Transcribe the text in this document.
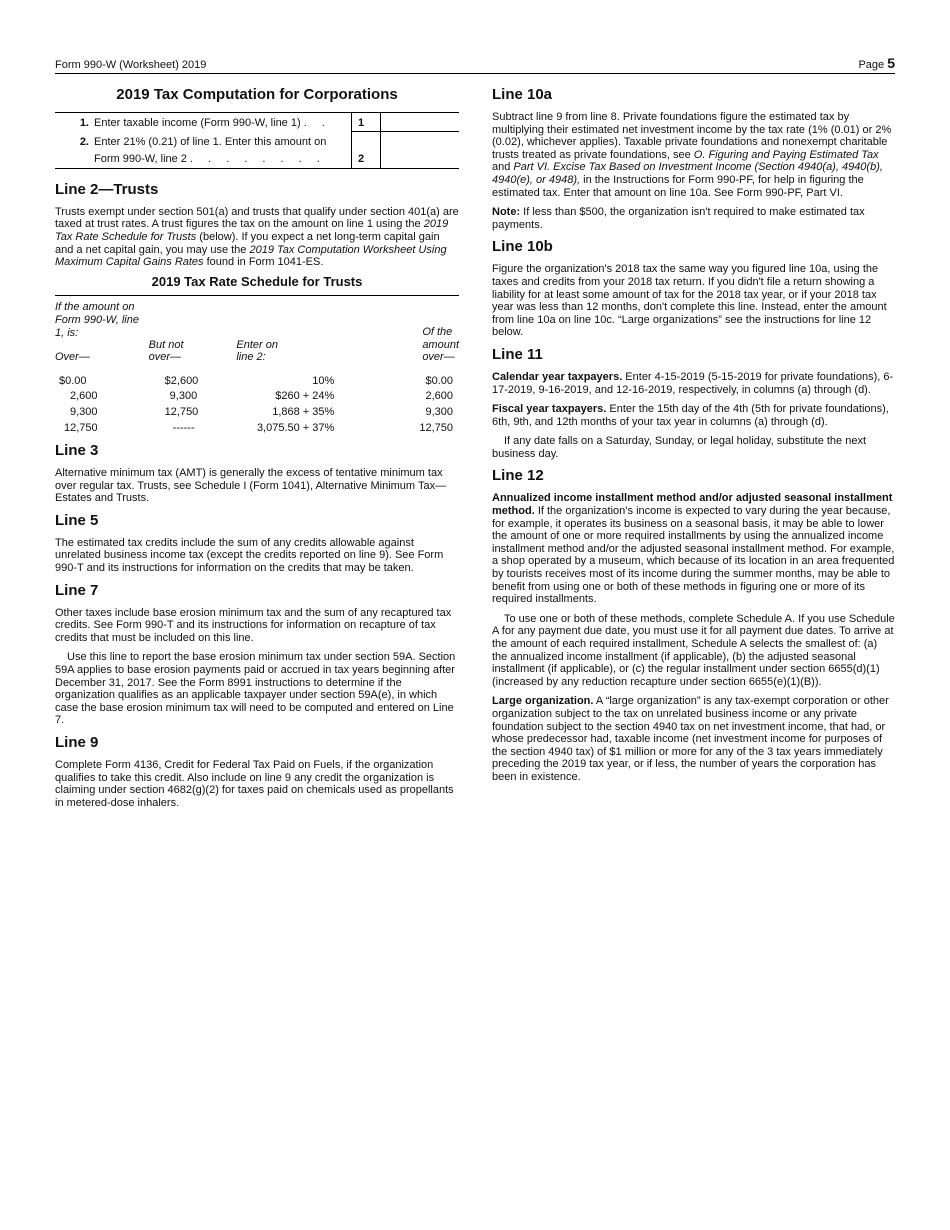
Form 990-W (Worksheet) 2019	Page 5
2019 Tax Computation for Corporations
1.	Enter taxable income (Form 990-W, line 1) . .	1	
2.	Enter 21% (0.21) of line 1. Enter this amount on
Form 990-W, line 2 . . . . . . . .	2	
Line 2—Trusts

Trusts exempt under section 501(a) and trusts that qualify under section 401(a) are taxed at trust rates. A trust figures the tax on the amount on line 1 using the 2019 Tax Rate Schedule for Trusts (below). If you expect a net long-term capital gain and a net capital gain, you may use the 2019 Tax Computation Worksheet Using Maximum Capital Gains Rates found in Form 1041-ES.

2019 Tax Rate Schedule for Trusts
If the amount on Form 990-W, line 1, is:
Over—	But not over—	Enter on line 2:	Of the amount over—
$0.00	$2,600	10%	$0.00
2,600	9,300	$260 + 24%	2,600
9,300	12,750	1,868 + 35%	9,300
12,750	------	3,075.50 + 37%	12,750
Line 3

Alternative minimum tax (AMT) is generally the excess of tentative minimum tax over regular tax. Trusts, see Schedule I (Form 1041), Alternative Minimum Tax—Estates and Trusts.

Line 5

The estimated tax credits include the sum of any credits allowable against unrelated business income tax (except the credits reported on line 9). See Form 990-T and its instructions for information on the credits that may be taken.

Line 7

Other taxes include base erosion minimum tax and the sum of any recaptured tax credits. See Form 990-T and its instructions for information on recapture of tax credits that must be included on this line.

Use this line to report the base erosion minimum tax under section 59A. Section 59A applies to base erosion payments paid or accrued in tax years beginning after December 31, 2017. See the Form 8991 instructions to determine if the organization qualifies as an applicable taxpayer under section 59A(e), in which case the base erosion minimum tax will need to be computed and entered on Line 7.

Line 9

Complete Form 4136, Credit for Federal Tax Paid on Fuels, if the organization qualifies to take this credit. Also include on line 9 any credit the organization is claiming under section 4682(g)(2) for taxes paid on chemicals used as propellants in metered-dose inhalers.

Line 10a

Subtract line 9 from line 8. Private foundations figure the estimated tax by multiplying their estimated net investment income by the tax rate (1% (0.01) or 2% (0.02), whichever applies). Taxable private foundations and nonexempt charitable trusts treated as private foundations, see O. Figuring and Paying Estimated Tax and Part VI. Excise Tax Based on Investment Income (Section 4940(a), 4940(b), 4940(e), or 4948), in the Instructions for Form 990-PF, for help in figuring the estimated tax. Enter that amount on line 10a. See Form 990-PF, Part VI.

Note: If less than $500, the organization isn't required to make estimated tax payments.

Line 10b

Figure the organization's 2018 tax the same way you figured line 10a, using the taxes and credits from your 2018 tax return. If you didn't file a return showing a liability for at least some amount of tax for the 2018 tax year, or if your 2018 tax year was less than 12 months, don't complete this line. Instead, enter the amount from line 10a on line 10c. “Large organizations” see the instructions for line 12 below.

Line 11

Calendar year taxpayers. Enter 4-15-2019 (5-15-2019 for private foundations), 6-17-2019, 9-16-2019, and 12-16-2019, respectively, in columns (a) through (d).

Fiscal year taxpayers. Enter the 15th day of the 4th (5th for private foundations), 6th, 9th, and 12th months of your tax year in columns (a) through (d).

If any date falls on a Saturday, Sunday, or legal holiday, substitute the next business day.

Line 12

Annualized income installment method and/or adjusted seasonal installment method. If the organization’s income is expected to vary during the year because, for example, it operates its business on a seasonal basis, it may be able to lower the amount of one or more required installments by using the annualized income installment method and/or the adjusted seasonal installment method. For example, a shop operated by a museum, which because of its location in an area frequented by tourists receives most of its income during the summer months, may be able to benefit from using one or both of these methods in figuring one or more of its required installments.

To use one or both of these methods, complete Schedule A. If you use Schedule A for any payment due date, you must use it for all payment due dates. To arrive at the amount of each required installment, Schedule A selects the smallest of: (a) the annualized income installment (if applicable), (b) the adjusted seasonal installment (if applicable), or (c) the regular installment under section 6655(d)(1) (increased by any reduction recapture under section 6655(e)(1)(B)).

Large organization. A “large organization” is any tax-exempt corporation or other organization subject to the tax on unrelated business income or any private foundation subject to the section 4940 tax on net investment income, that had, or whose predecessor had, taxable income (net investment income for purposes of the section 4940 tax) of $1 million or more for any of the 3 tax years immediately preceding the 2019 tax year, or if less, the number of years the corporation has been in existence.
